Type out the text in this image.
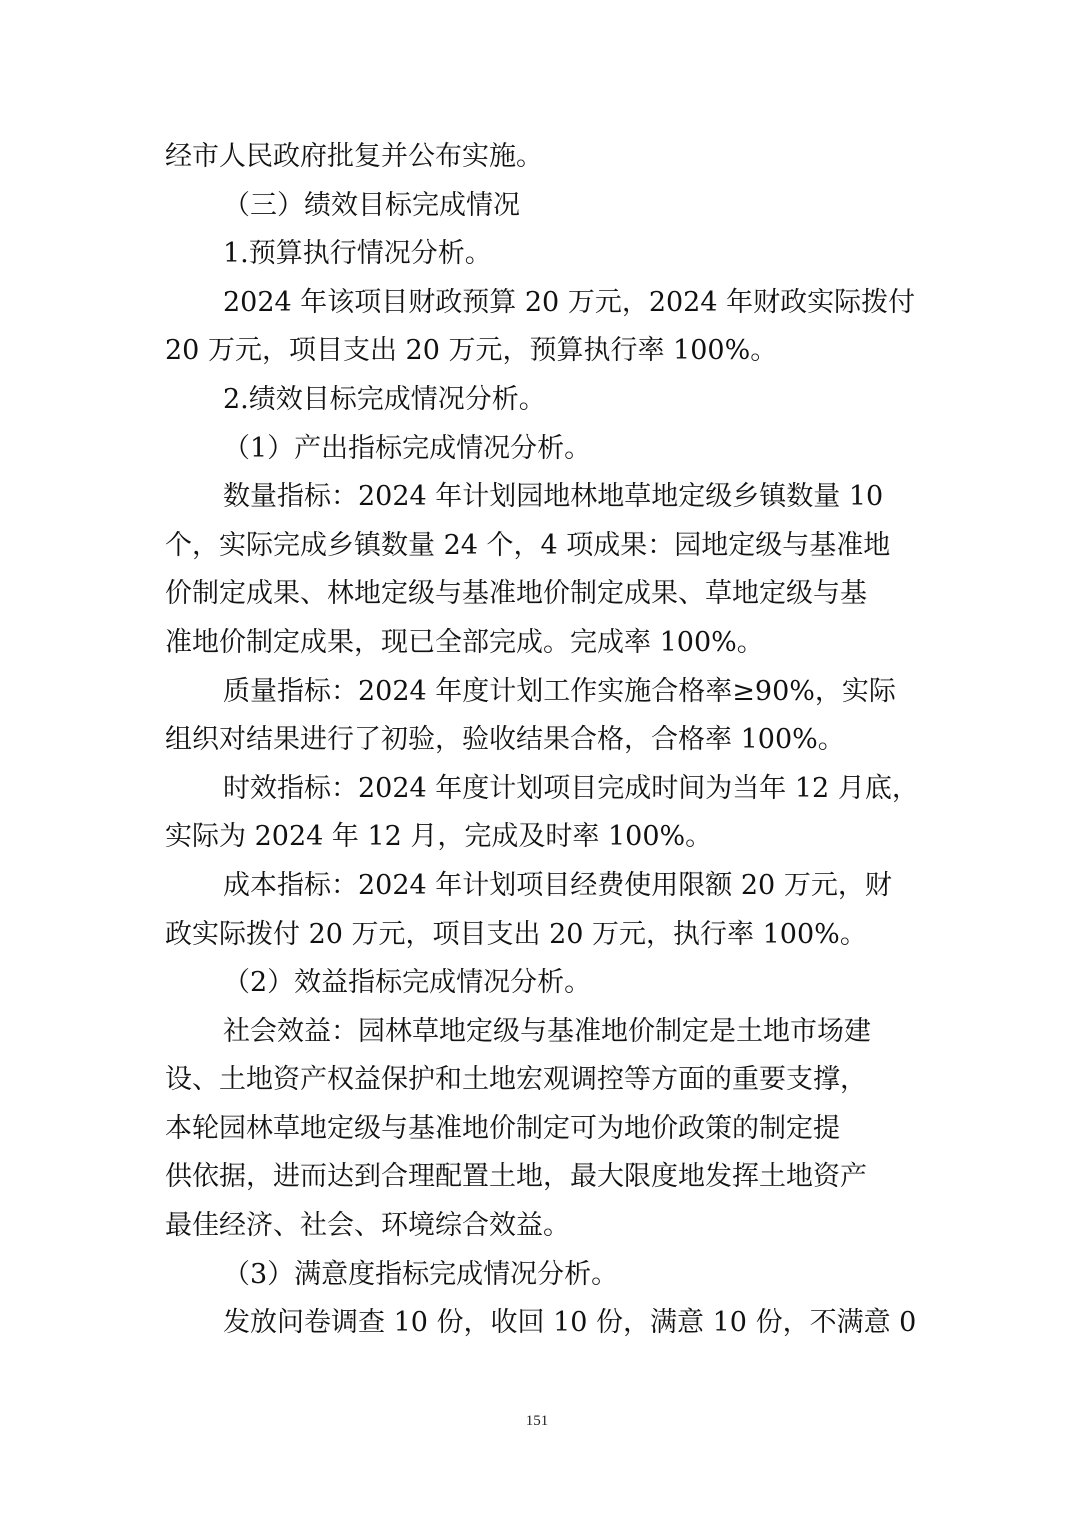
经市人民政府批复并公布实施。
（三）绩效目标完成情况
1.预算执行情况分析。
2024 年该项目财政预算 20 万元，2024 年财政实际拨付
20 万元，项目支出 20 万元，预算执行率 100%。
2.绩效目标完成情况分析。
（1）产出指标完成情况分析。
数量指标：2024 年计划园地林地草地定级乡镇数量 10
个，实际完成乡镇数量 24 个，4 项成果：园地定级与基准地
价制定成果、林地定级与基准地价制定成果、草地定级与基
准地价制定成果，现已全部完成。完成率 100%。
质量指标：2024 年度计划工作实施合格率≥90%，实际
组织对结果进行了初验，验收结果合格，合格率 100%。
时效指标：2024 年度计划项目完成时间为当年 12 月底，
实际为 2024 年 12 月，完成及时率 100%。
成本指标：2024 年计划项目经费使用限额 20 万元，财
政实际拨付 20 万元，项目支出 20 万元，执行率 100%。
（2）效益指标完成情况分析。
社会效益：园林草地定级与基准地价制定是土地市场建
设、土地资产权益保护和土地宏观调控等方面的重要支撑，
本轮园林草地定级与基准地价制定可为地价政策的制定提
供依据，进而达到合理配置土地，最大限度地发挥土地资产
最佳经济、社会、环境综合效益。
（3）满意度指标完成情况分析。
发放问卷调查 10 份，收回 10 份，满意 10 份，不满意 0
151
